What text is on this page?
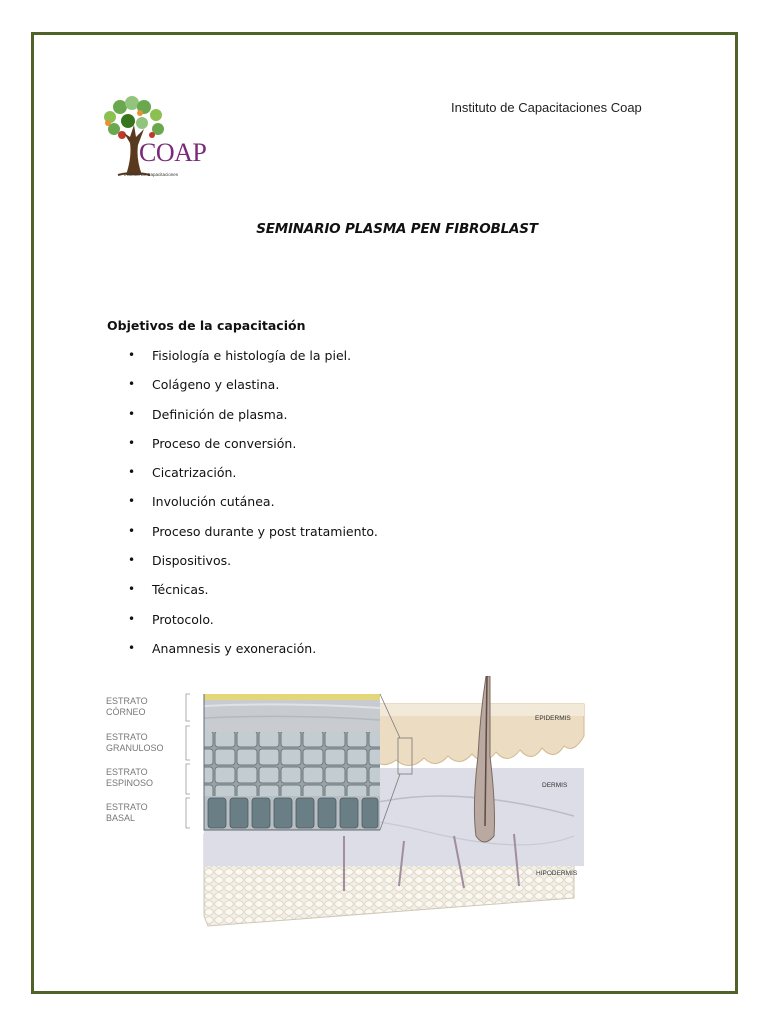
COAP
Instituto de Capacitaciones
Instituto de Capacitaciones Coap
SEMINARIO PLASMA PEN FIBROBLAST
Objetivos de la capacitación
•	Fisiología e histología de la piel.
•	Colágeno y elastina.
•	Definición de plasma.
•	Proceso de conversión.
•	Cicatrización.
•	Involución cutánea.
•	Proceso durante y post tratamiento.
•	Dispositivos.
•	Técnicas.
•	Protocolo.
•	Anamnesis y exoneración.
ESTRATO CÓRNEO
ESTRATO GRANULOSO
ESTRATO ESPINOSO
ESTRATO BASAL
EPIDERMIS
DERMIS
HIPODERMIS
